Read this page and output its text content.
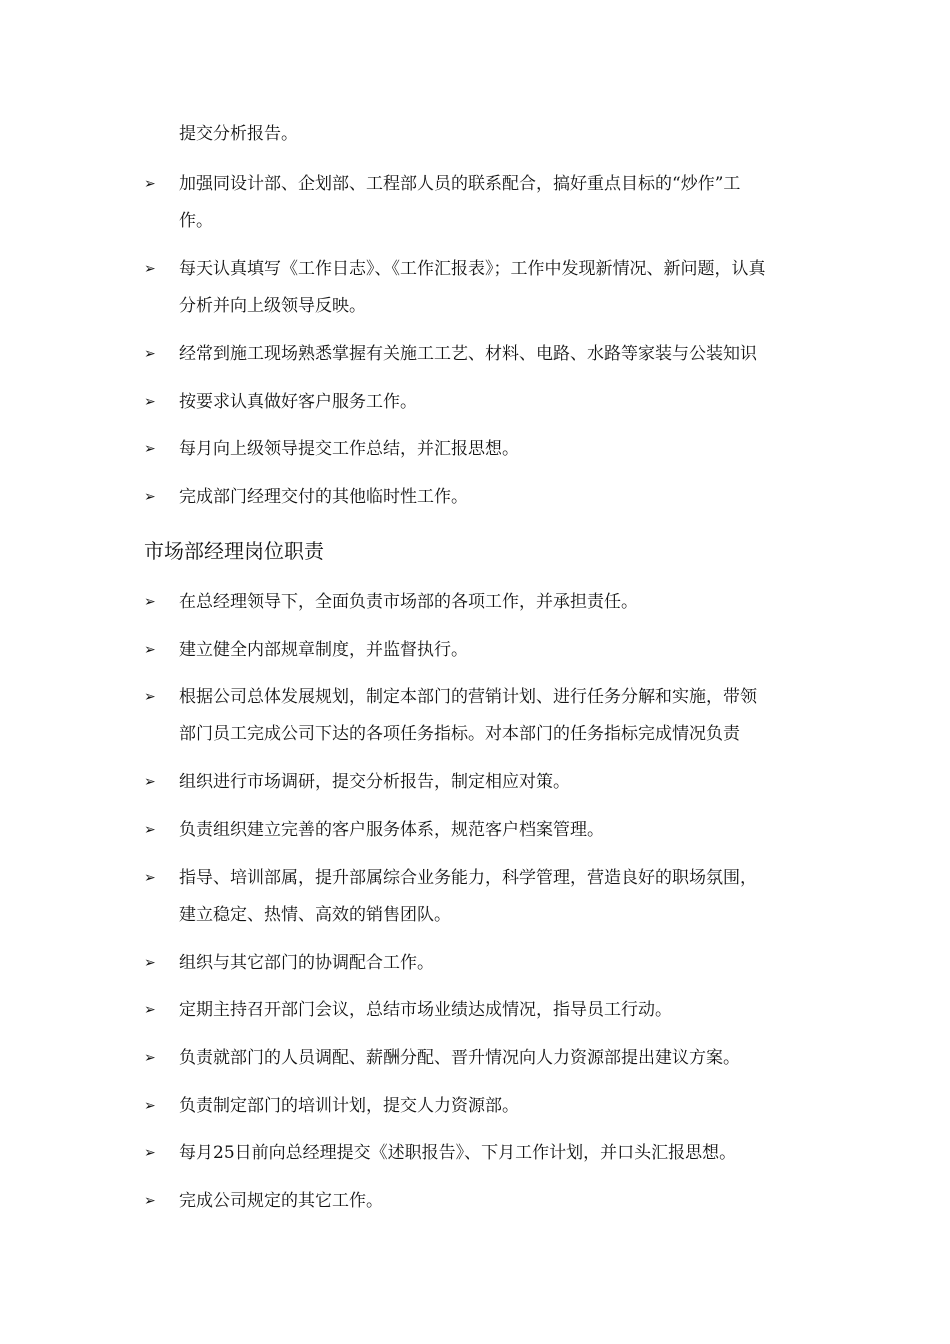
提交分析报告。
➢ 加强同设计部、企划部、工程部人员的联系配合，搞好重点目标的“炒作”工
作。
➢ 每天认真填写《工作日志》、《工作汇报表》；工作中发现新情况、新问题，认真
分析并向上级领导反映。
➢ 经常到施工现场熟悉掌握有关施工工艺、材料、电路、水路等家装与公装知识
➢ 按要求认真做好客户服务工作。
➢ 每月向上级领导提交工作总结，并汇报思想。
➢ 完成部门经理交付的其他临时性工作。
市场部经理岗位职责
➢ 在总经理领导下，全面负责市场部的各项工作，并承担责任。
➢ 建立健全内部规章制度，并监督执行。
➢ 根据公司总体发展规划，制定本部门的营销计划、进行任务分解和实施，带领
部门员工完成公司下达的各项任务指标。对本部门的任务指标完成情况负责
➢ 组织进行市场调研，提交分析报告，制定相应对策。
➢ 负责组织建立完善的客户服务体系，规范客户档案管理。
➢ 指导、培训部属，提升部属综合业务能力，科学管理，营造良好的职场氛围，
建立稳定、热情、高效的销售团队。
➢ 组织与其它部门的协调配合工作。
➢ 定期主持召开部门会议，总结市场业绩达成情况，指导员工行动。
➢ 负责就部门的人员调配、薪酬分配、晋升情况向人力资源部提出建议方案。
➢ 负责制定部门的培训计划，提交人力资源部。
➢ 每月25日前向总经理提交《述职报告》、下月工作计划，并口头汇报思想。
➢ 完成公司规定的其它工作。
